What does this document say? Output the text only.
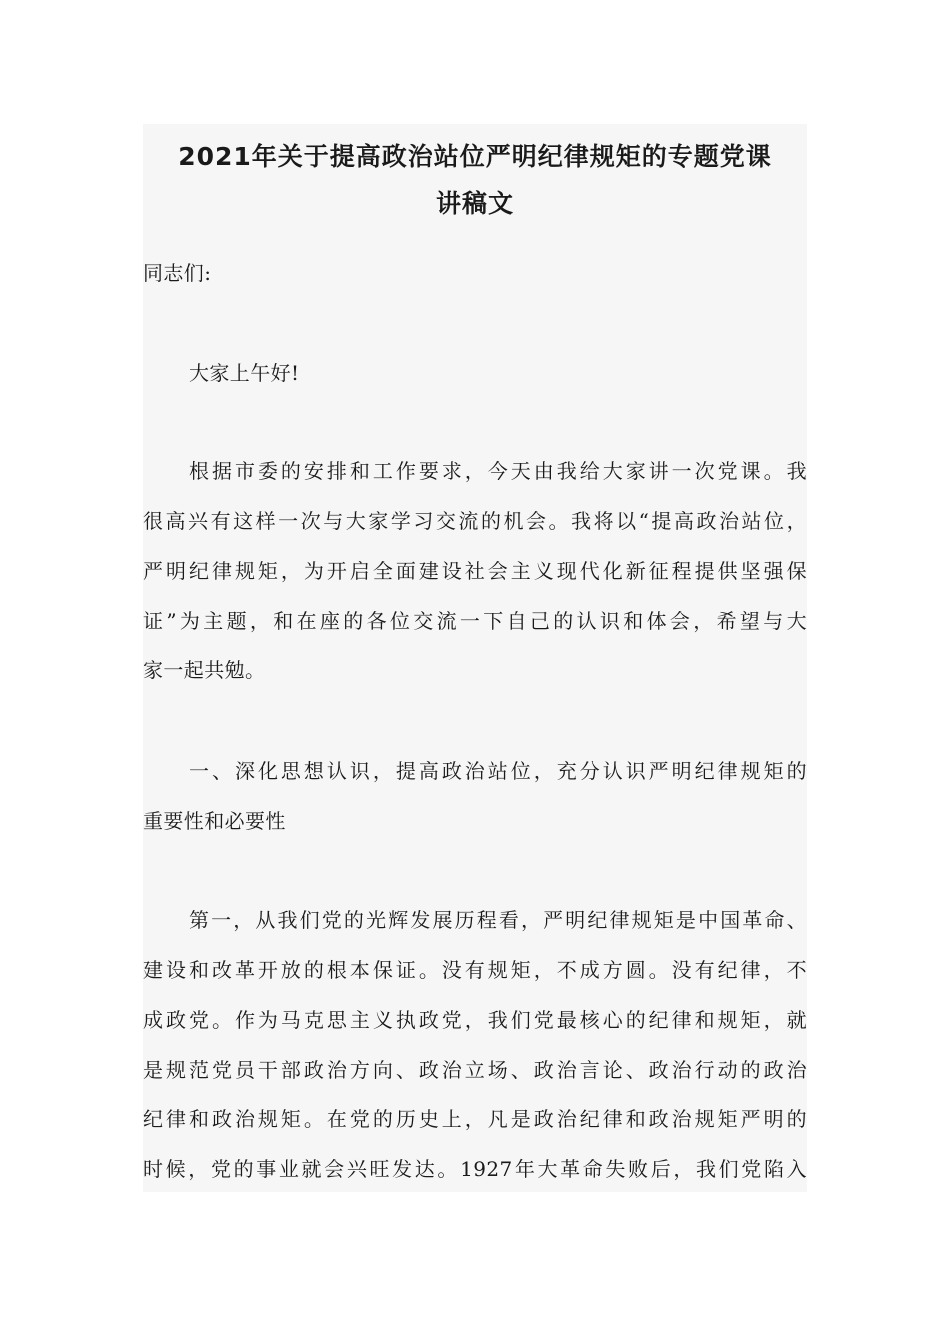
2021年关于提高政治站位严明纪律规矩的专题党课
讲稿文
同志们:
大家上午好!
根据市委的安排和工作要求，今天由我给大家讲一次党课。我
很高兴有这样一次与大家学习交流的机会。我将以“提高政治站位，
严明纪律规矩，为开启全面建设社会主义现代化新征程提供坚强保
证”为主题，和在座的各位交流一下自己的认识和体会，希望与大
家一起共勉。
一、深化思想认识，提高政治站位，充分认识严明纪律规矩的
重要性和必要性
第一，从我们党的光辉发展历程看，严明纪律规矩是中国革命、
建设和改革开放的根本保证。没有规矩，不成方圆。没有纪律，不
成政党。作为马克思主义执政党，我们党最核心的纪律和规矩，就
是规范党员干部政治方向、政治立场、政治言论、政治行动的政治
纪律和政治规矩。在党的历史上，凡是政治纪律和政治规矩严明的
时候，党的事业就会兴旺发达。1927年大革命失败后，我们党陷入
